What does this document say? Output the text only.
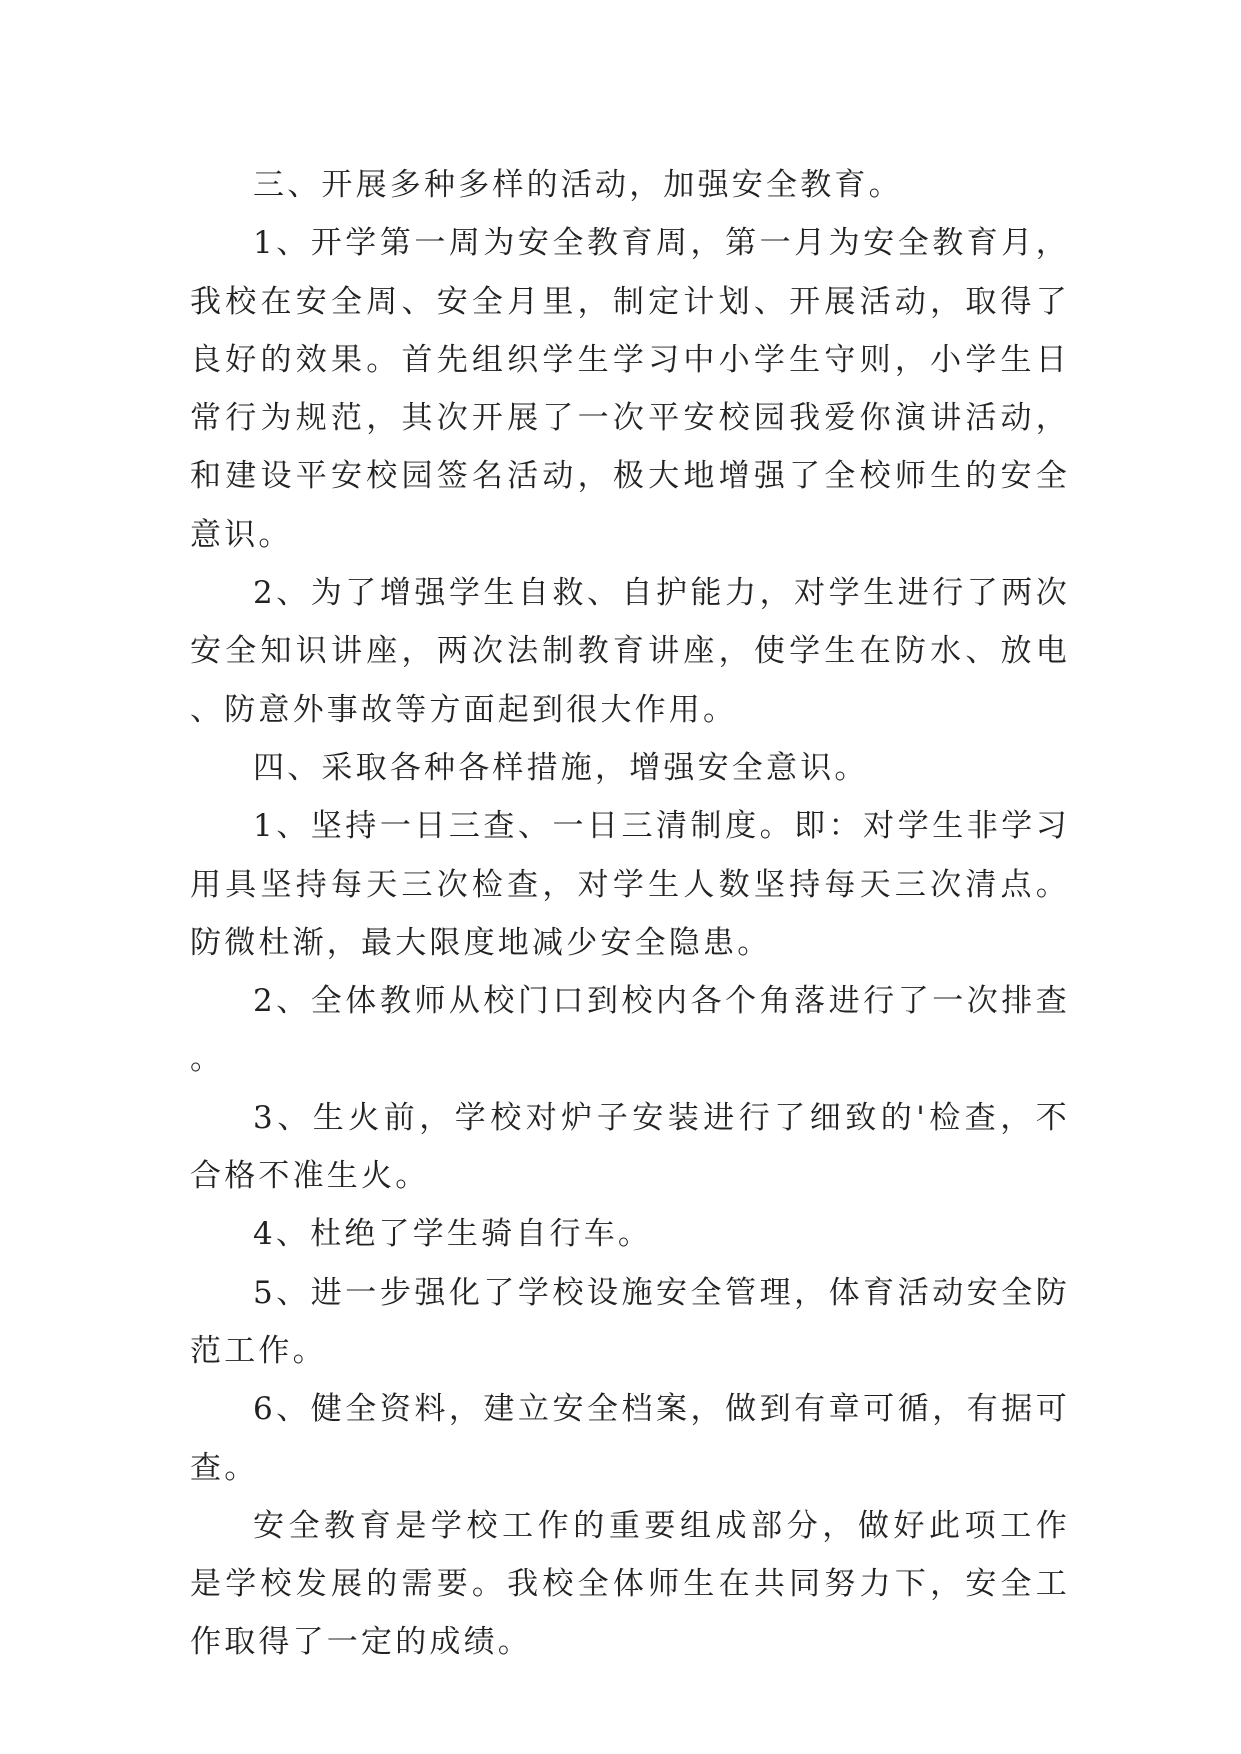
三、开展多种多样的活动，加强安全教育。

1、开学第一周为安全教育周，第一月为安全教育月，我校在安全周、安全月里，制定计划、开展活动，取得了良好的效果。首先组织学生学习中小学生守则，小学生日常行为规范，其次开展了一次平安校园我爱你演讲活动，和建设平安校园签名活动，极大地增强了全校师生的安全意识。

2、为了增强学生自救、自护能力，对学生进行了两次安全知识讲座，两次法制教育讲座，使学生在防水、放电、防意外事故等方面起到很大作用。

四、采取各种各样措施，增强安全意识。

1、坚持一日三查、一日三清制度。即：对学生非学习用具坚持每天三次检查，对学生人数坚持每天三次清点。防微杜渐，最大限度地减少安全隐患。

2、全体教师从校门口到校内各个角落进行了一次排查。

3、生火前，学校对炉子安装进行了细致的'检查，不合格不准生火。

4、杜绝了学生骑自行车。

5、进一步强化了学校设施安全管理，体育活动安全防范工作。

6、健全资料，建立安全档案，做到有章可循，有据可查。

安全教育是学校工作的重要组成部分，做好此项工作是学校发展的需要。我校全体师生在共同努力下，安全工作取得了一定的成绩。
